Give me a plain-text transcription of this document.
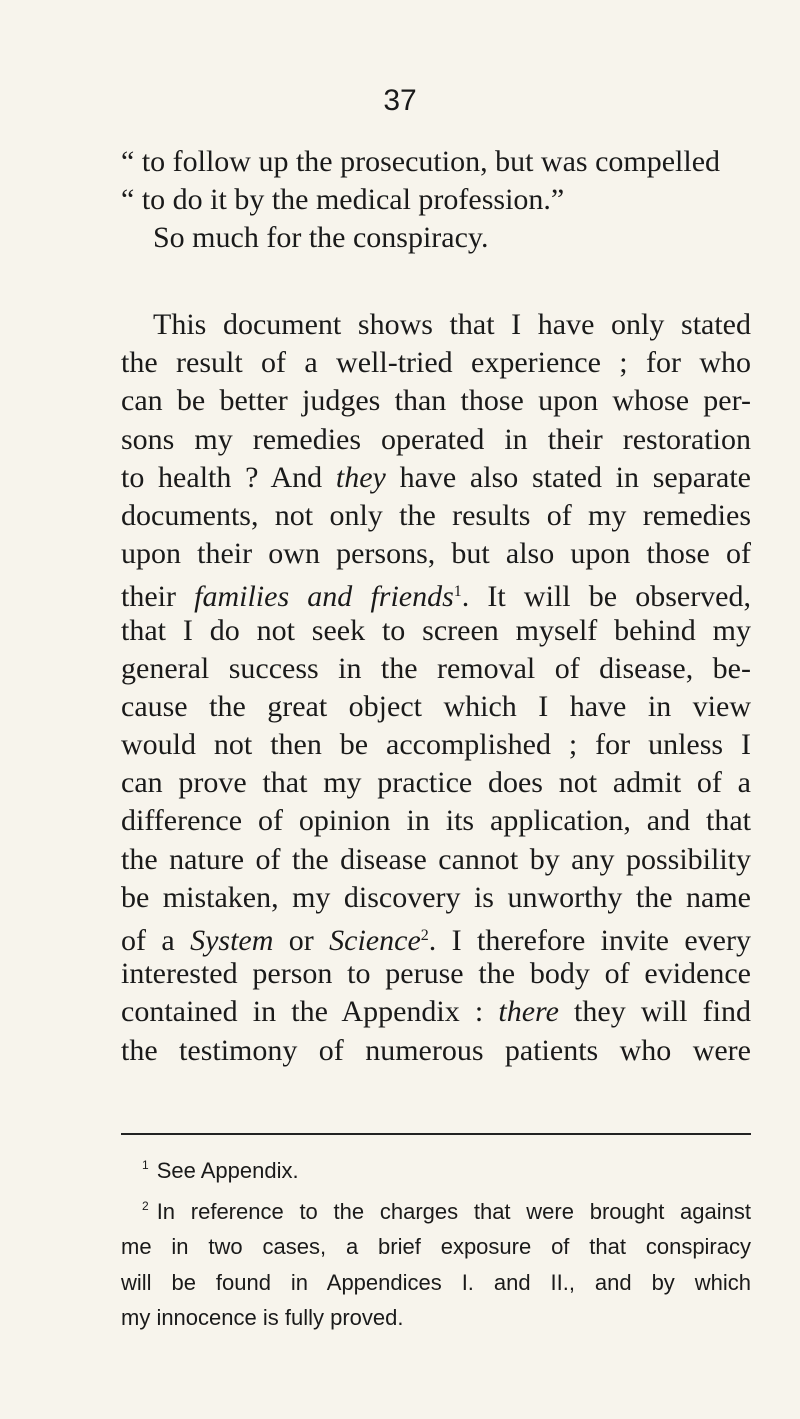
37
“ to follow up the prosecution, but was compelled
“ to do it by the medical profession.”
So much for the conspiracy.
This document shows that I have only stated
the result of a well-tried experience ; for who
can be better judges than those upon whose per-
sons my remedies operated in their restoration
to health ? And they have also stated in separate
documents, not only the results of my remedies
upon their own persons, but also upon those of
their families and friends$^1$. It will be observed,
that I do not seek to screen myself behind my
general success in the removal of disease, be-
cause the great object which I have in view
would not then be accomplished ; for unless I
can prove that my practice does not admit of a
difference of opinion in its application, and that
the nature of the disease cannot by any possibility
be mistaken, my discovery is unworthy the name
of a System or Science$^2$. I therefore invite every
interested person to peruse the body of evidence
contained in the Appendix : there they will find
the testimony of numerous patients who were
$^1$ See Appendix.
$^2$ In reference to the charges that were brought against
me in two cases, a brief exposure of that conspiracy
will be found in Appendices I. and II., and by which
my innocence is fully proved.
